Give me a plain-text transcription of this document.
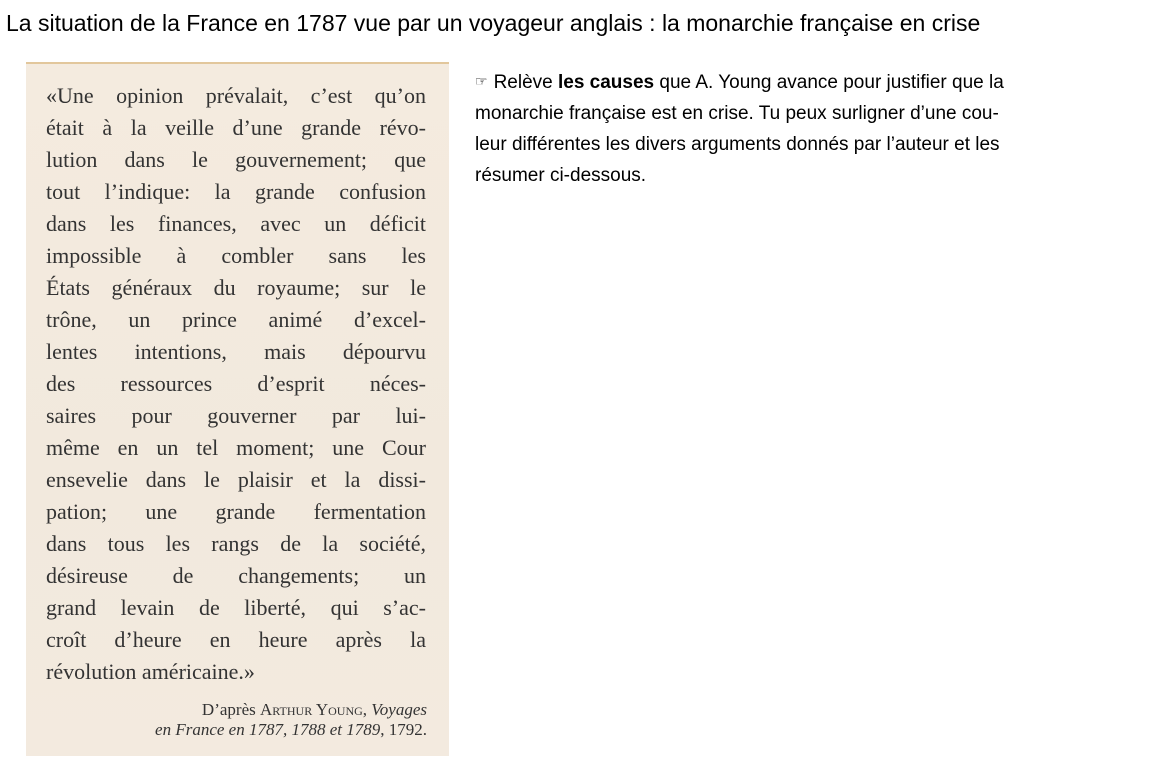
La situation de la France en 1787 vue par un voyageur anglais : la monarchie française en crise
«Une opinion prévalait, c’est qu’on
était à la veille d’une grande révo-
lution dans le gouvernement; que
tout l’indique: la grande confusion
dans les finances, avec un déficit
impossible à combler sans les
États généraux du royaume; sur le
trône, un prince animé d’excel-
lentes intentions, mais dépourvu
des ressources d’esprit néces-
saires pour gouverner par lui-
même en un tel moment; une Cour
ensevelie dans le plaisir et la dissi-
pation; une grande fermentation
dans tous les rangs de la société,
désireuse de changements; un
grand levain de liberté, qui s’ac-
croît d’heure en heure après la
révolution américaine.»
D’après Arthur Young, Voyages
en France en 1787, 1788 et 1789, 1792.
☞ Relève les causes que A. Young avance pour justifier que la
monarchie française est en crise. Tu peux surligner d’une cou-
leur différentes les divers arguments donnés par l’auteur et les
résumer ci-dessous.
